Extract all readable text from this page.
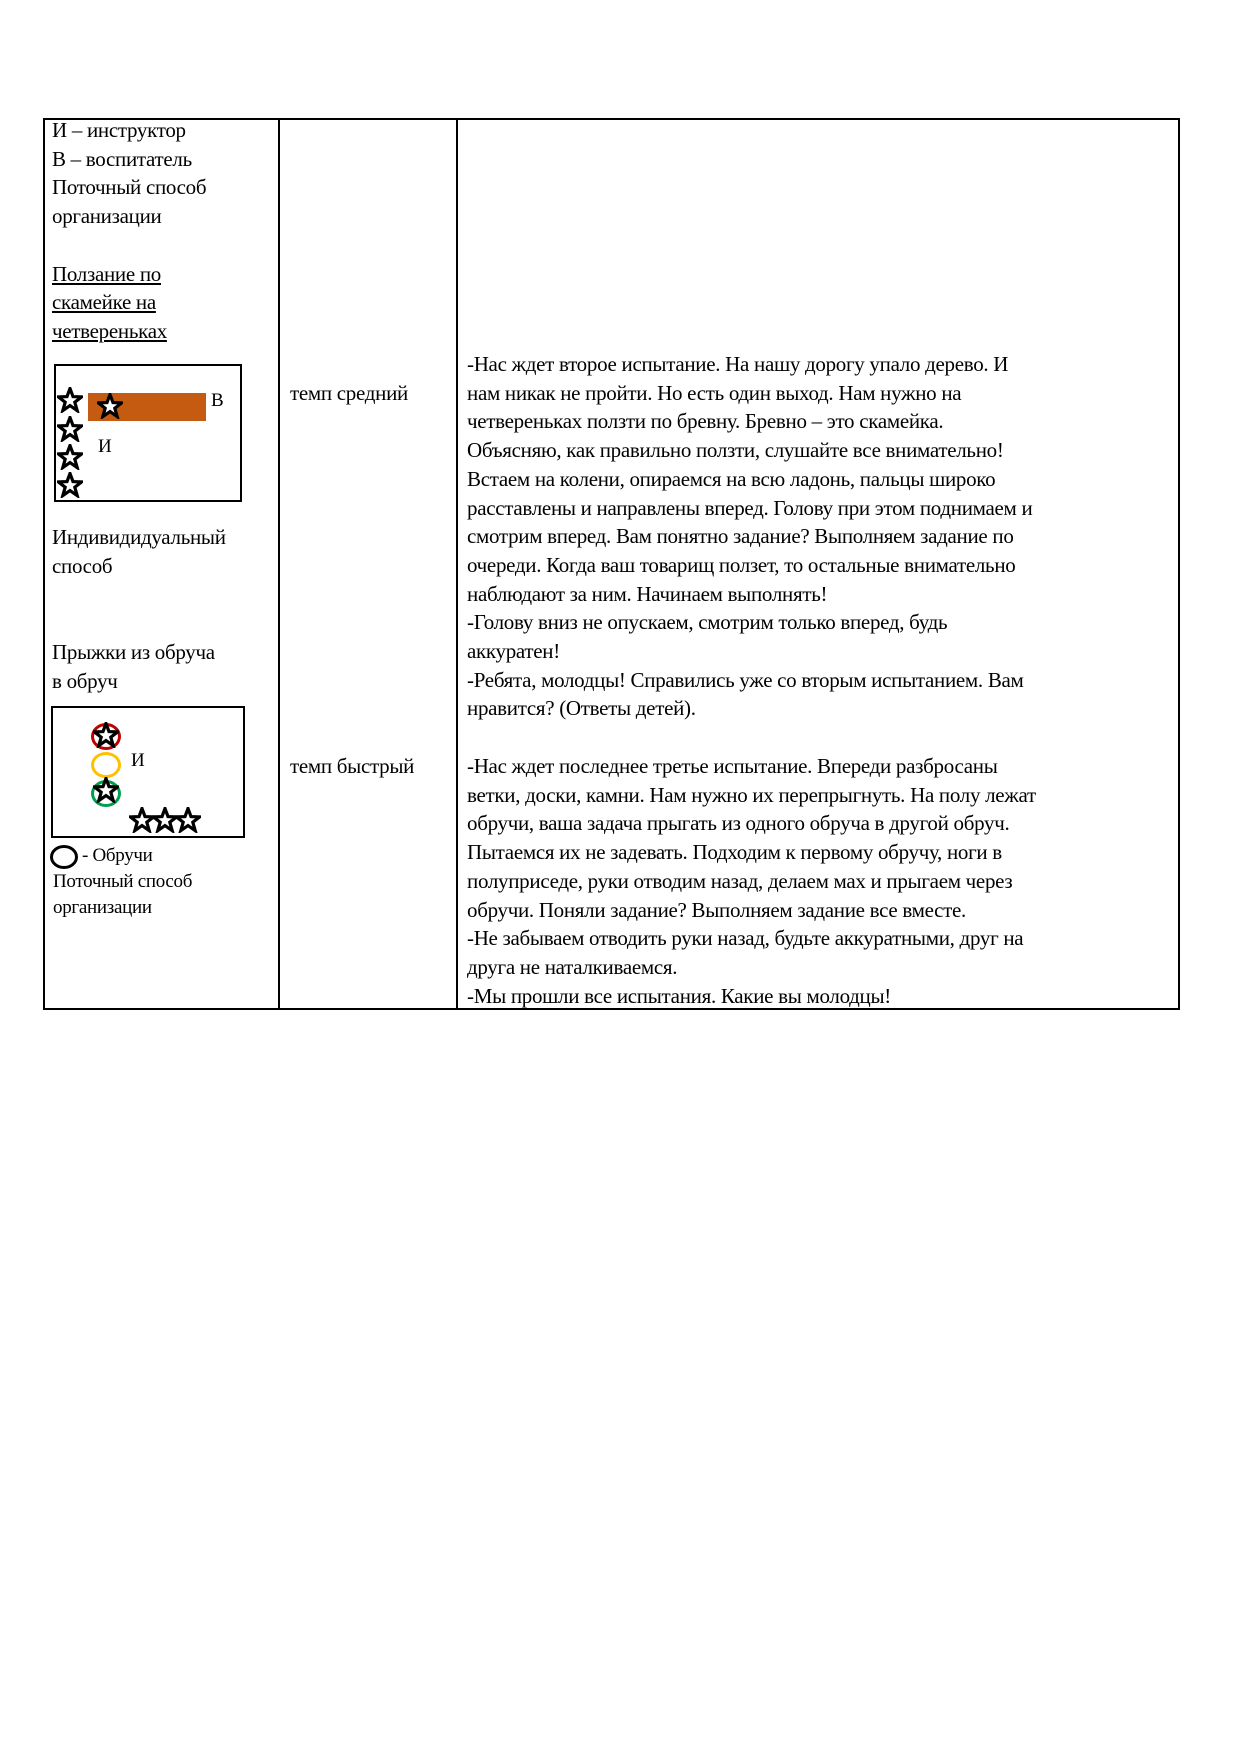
И – инструктор
В – воспитатель
Поточный способ
организации
Ползание по
скамейке на
четвереньках
В
И
Индивидидуальный
способ
Прыжки из обруча
в обруч
И
- Обручи
Поточный способ
организации
темп средний
темп быстрый
-Нас ждет второе испытание. На нашу дорогу упало дерево. И
нам никак не пройти. Но есть один выход. Нам нужно на
четвереньках ползти по бревну. Бревно – это скамейка.
Объясняю, как правильно ползти, слушайте все внимательно!
Встаем на колени, опираемся на всю ладонь, пальцы широко
расставлены и направлены вперед. Голову при этом поднимаем и
смотрим вперед. Вам понятно задание? Выполняем задание по
очереди. Когда ваш товарищ ползет, то остальные внимательно
наблюдают за ним. Начинаем выполнять!
-Голову вниз не опускаем, смотрим только вперед, будь
аккуратен!
-Ребята, молодцы! Справились уже со вторым испытанием. Вам
нравится? (Ответы детей).
-Нас ждет последнее третье испытание. Впереди разбросаны
ветки, доски, камни. Нам нужно их перепрыгнуть. На полу лежат
обручи, ваша задача прыгать из одного обруча в другой обруч.
Пытаемся их не задевать. Подходим к первому обручу, ноги в
полуприседе, руки отводим назад, делаем мах и прыгаем через
обручи. Поняли задание? Выполняем задание все вместе.
-Не забываем отводить руки назад, будьте аккуратными, друг на
друга не наталкиваемся.
-Мы прошли все испытания. Какие вы молодцы!
